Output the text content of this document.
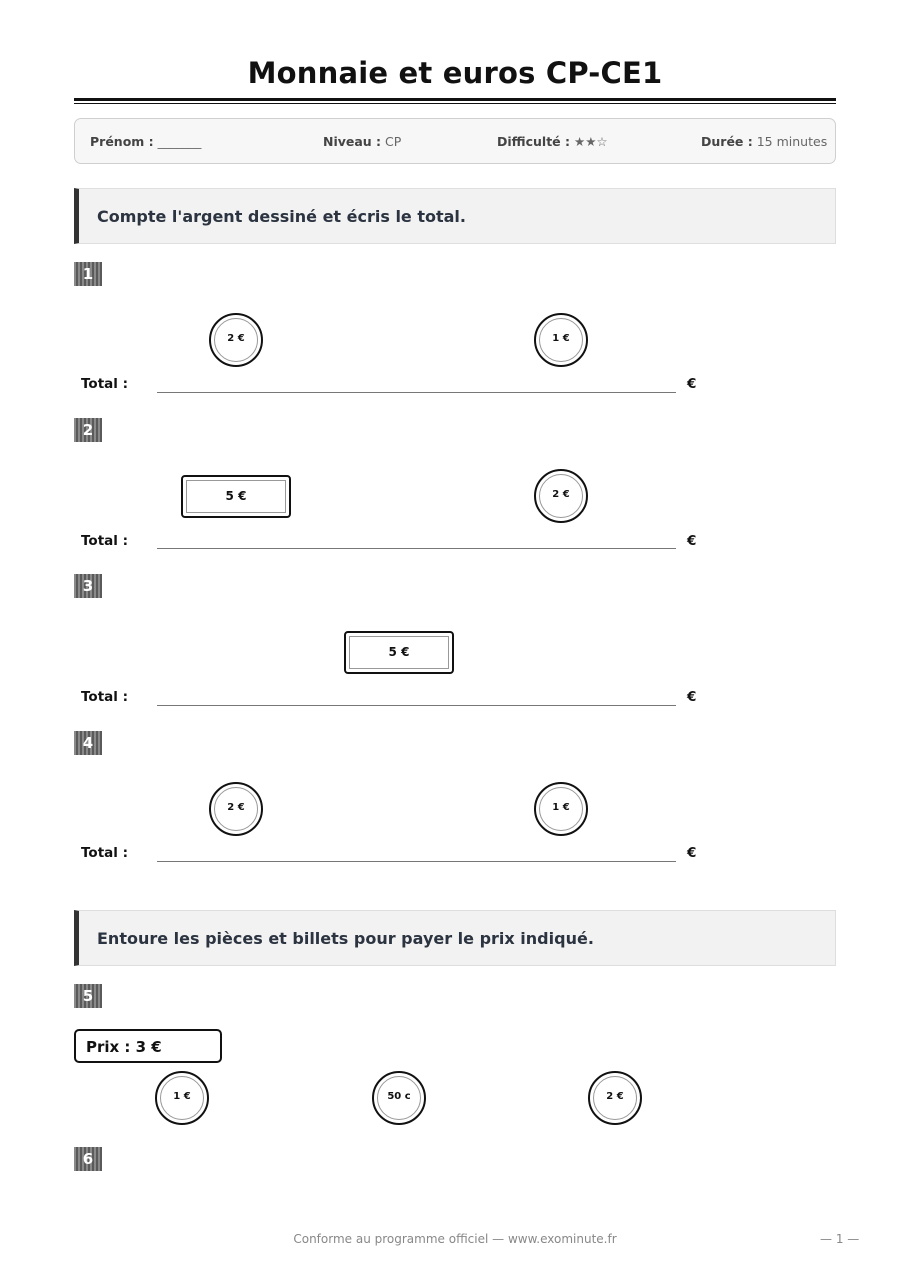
Monnaie et euros CP-CE1
Prénom : _______	Niveau : CP	Difficulté : ★★☆	Durée : 15 minutes
Compte l'argent dessiné et écris le total.
1
2 €	1 €
Total :	€
2
5 €	2 €
Total :	€
3
5 €
Total :	€
4
2 €	1 €
Total :	€
Entoure les pièces et billets pour payer le prix indiqué.
5
Prix : 3 €
1 €	50 c	2 €
6
Conforme au programme officiel — www.exominute.fr	— 1 —
